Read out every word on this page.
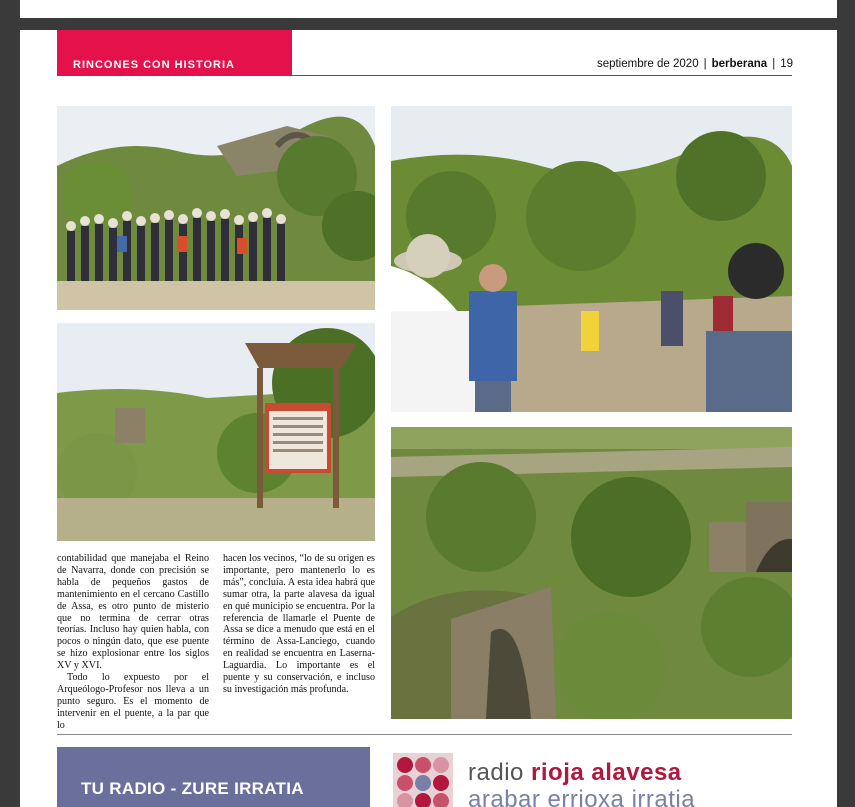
RINCONES CON HISTORIA	septiembre de 2020 | berberana | 19

contabilidad que manejaba el Reino de Navarra, donde con precisión se habla de pequeños gastos de mantenimiento en el cercano Castillo de Assa, es otro punto de misterio que no termina de cerrar otras teorías. Incluso hay quien habla, con pocos o ningún dato, que ese puente se hizo explosionar entre los siglos XV y XVI.

Todo lo expuesto por el Arqueólogo-Profesor nos lleva a un punto seguro. Es el momento de intervenir en el puente, a la par que lo

hacen los vecinos, “lo de su origen es importante, pero mantenerlo lo es más”, concluía. A esta idea habrá que sumar otra, la parte alavesa da igual en qué municipio se encuentra. Por la referencia de llamarle el Puente de Assa se dice a menudo que está en el término de Assa-Lanciego, cuando en realidad se encuentra en Laserna-Laguardia. Lo importante es el puente y su conservación, e incluso su investigación más profunda.

TU RADIO - ZURE IRRATIA
radio rioja alavesa
arabar errioxa irratia
